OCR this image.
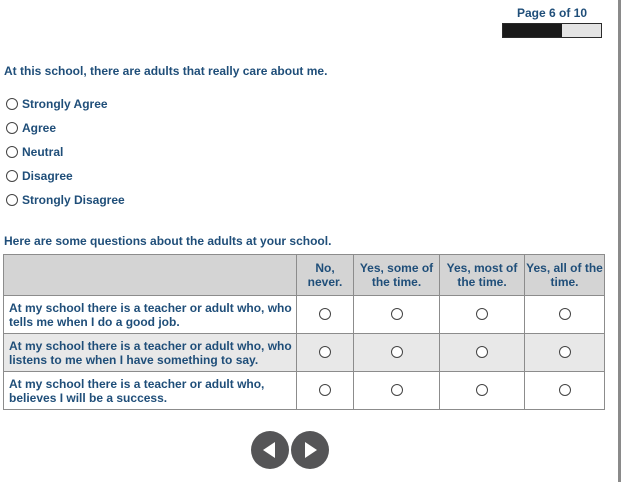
Page 6 of 10
At this school, there are adults that really care about me.
Strongly Agree
Agree
Neutral
Disagree
Strongly Disagree
Here are some questions about the adults at your school.
	No, never.	Yes, some of the time.	Yes, most of the time.	Yes, all of the time.
At my school there is a teacher or adult who, who tells me when I do a good job.				
At my school there is a teacher or adult who, who listens to me when I have something to say.				
At my school there is a teacher or adult who, believes I will be a success.				
